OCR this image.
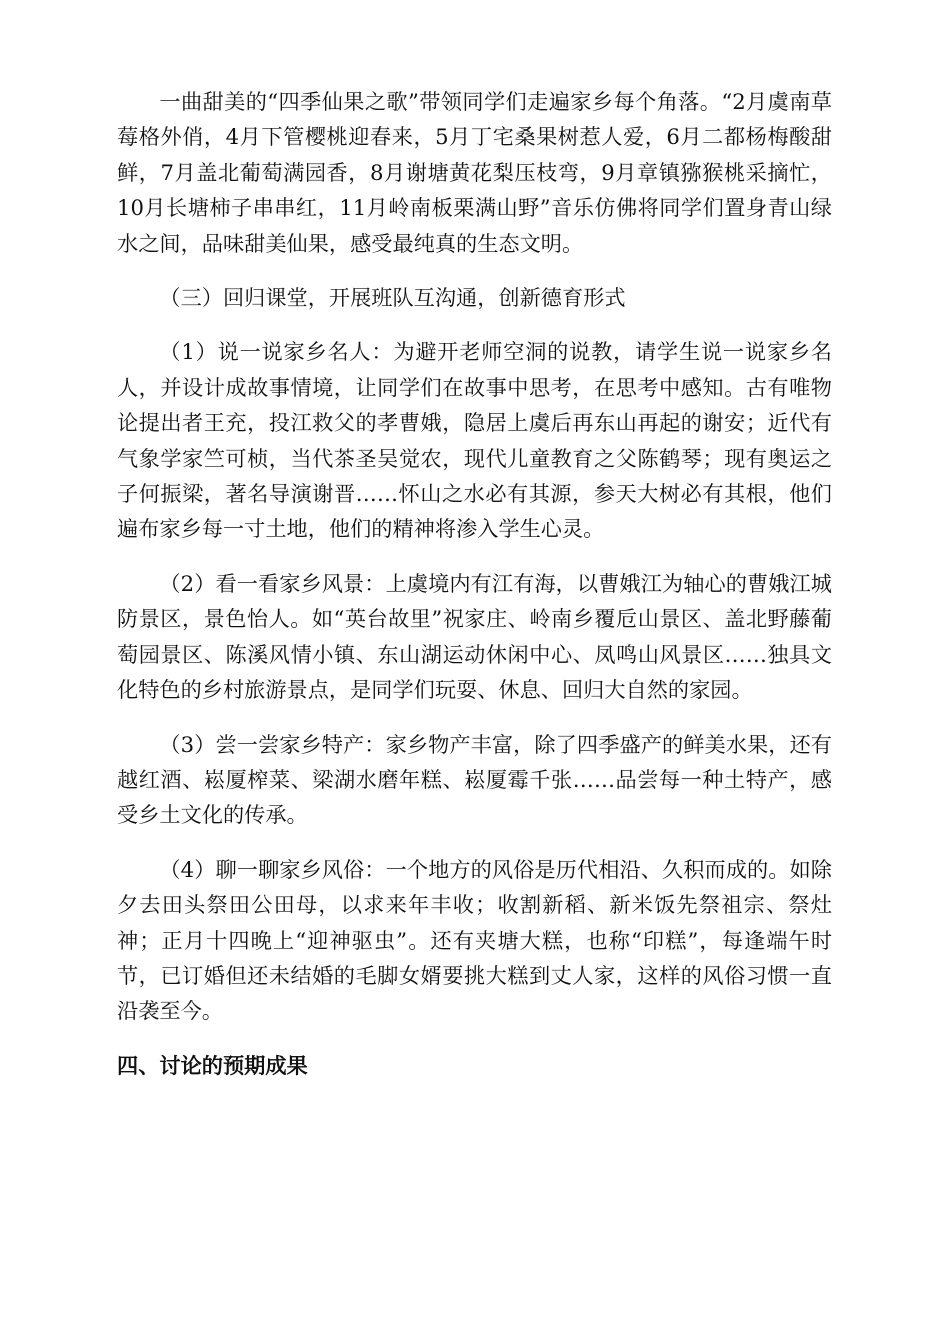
一曲甜美的“四季仙果之歌”带领同学们走遍家乡每个角落。“2月虞南草莓格外俏，4月下管樱桃迎春来，5月丁宅桑果树惹人爱，6月二都杨梅酸甜鲜，7月盖北葡萄满园香，8月谢塘黄花梨压枝弯，9月章镇猕猴桃采摘忙，10月长塘柿子串串红，11月岭南板栗满山野”音乐仿佛将同学们置身青山绿水之间，品味甜美仙果，感受最纯真的生态文明。

（三）回归课堂，开展班队互沟通，创新德育形式

（1）说一说家乡名人：为避开老师空洞的说教，请学生说一说家乡名人，并设计成故事情境，让同学们在故事中思考，在思考中感知。古有唯物论提出者王充，投江救父的孝曹娥，隐居上虞后再东山再起的谢安；近代有气象学家竺可桢，当代茶圣吴觉农，现代儿童教育之父陈鹤琴；现有奥运之子何振梁，著名导演谢晋……怀山之水必有其源，参天大树必有其根，他们遍布家乡每一寸土地，他们的精神将渗入学生心灵。

（2）看一看家乡风景：上虞境内有江有海，以曹娥江为轴心的曹娥江城防景区，景色怡人。如“英台故里”祝家庄、岭南乡覆卮山景区、盖北野藤葡萄园景区、陈溪风情小镇、东山湖运动休闲中心、凤鸣山风景区……独具文化特色的乡村旅游景点，是同学们玩耍、休息、回归大自然的家园。

（3）尝一尝家乡特产：家乡物产丰富，除了四季盛产的鲜美水果，还有越红酒、崧厦榨菜、梁湖水磨年糕、崧厦霉千张……品尝每一种土特产，感受乡土文化的传承。

（4）聊一聊家乡风俗：一个地方的风俗是历代相沿、久积而成的。如除夕去田头祭田公田母，以求来年丰收；收割新稻、新米饭先祭祖宗、祭灶神；正月十四晚上“迎神驱虫”。还有夹塘大糕，也称“印糕”，每逢端午时节，已订婚但还未结婚的毛脚女婿要挑大糕到丈人家，这样的风俗习惯一直沿袭至今。

四、讨论的预期成果
